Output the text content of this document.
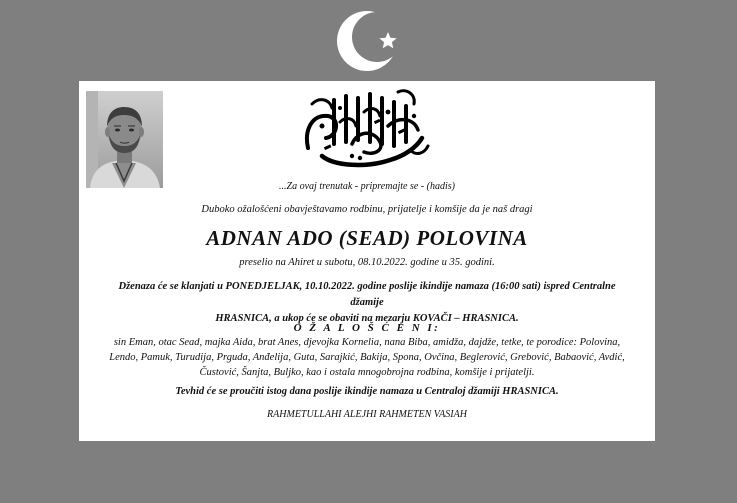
...Za ovaj trenutak - pripremajte se - (hadis)
Duboko ožalošćeni obavještavamo rodbinu, prijatelje i komšije da je naš dragi
ADNAN ADO (SEAD) POLOVINA
preselio na Ahiret u subotu, 08.10.2022. godine u 35. godini.
Dženaza će se klanjati u PONEDJELJAK, 10.10.2022. godine poslije ikindije namaza (16:00 sati) ispred Centralne džamije
HRASNICA, a ukop će se obaviti na mezarju KOVAČI – HRASNICA.
O Ž A L O Š Ć E N I:
sin Eman, otac Sead, majka Aida, brat Anes, djevojka Kornelia, nana Biba, amidža, dajdže, tetke, te porodice: Polovina,
Lendo, Pamuk, Turudija, Prguda, Anđelija, Guta, Sarajkić, Bakija, Spona, Ovčina, Beglerović, Grebović, Babaović, Avdić,
Čustović, Šanjta, Buljko, kao i ostala mnogobrojna rodbina, komšije i prijatelji.
Tevhid će se proučiti istog dana poslije ikindije namaza u Centraloj džamiji HRASNICA.
RAHMETULLAHI ALEJHI RAHMETEN VASIAH
